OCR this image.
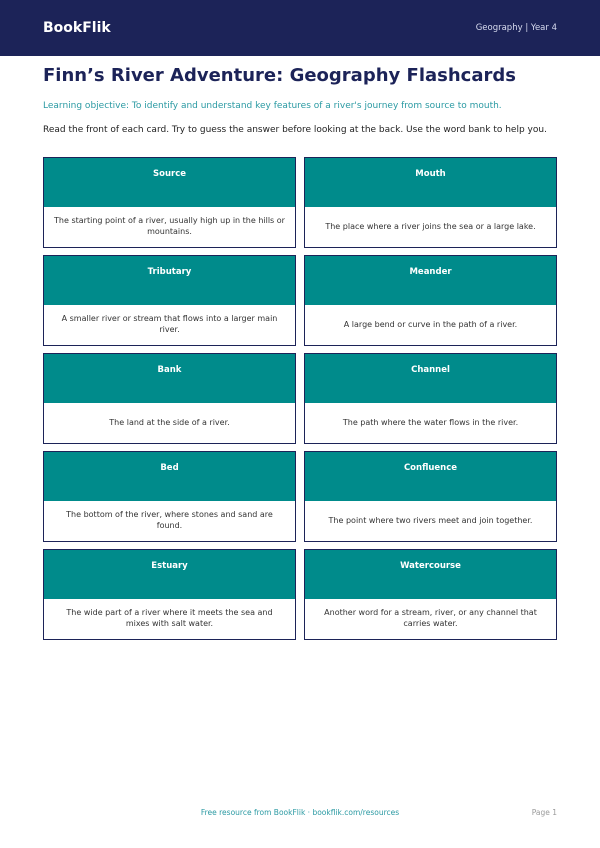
BookFlik	Geography | Year 4
Finn’s River Adventure: Geography Flashcards
Learning objective: To identify and understand key features of a river's journey from source to mouth.
Read the front of each card. Try to guess the answer before looking at the back. Use the word bank to help you.
Source
The starting point of a river, usually high up in the hills or mountains.
Mouth
The place where a river joins the sea or a large lake.
Tributary
A smaller river or stream that flows into a larger main river.
Meander
A large bend or curve in the path of a river.
Bank
The land at the side of a river.
Channel
The path where the water flows in the river.
Bed
The bottom of the river, where stones and sand are found.
Confluence
The point where two rivers meet and join together.
Estuary
The wide part of a river where it meets the sea and mixes with salt water.
Watercourse
Another word for a stream, river, or any channel that carries water.
Free resource from BookFlik · bookflik.com/resources	Page 1
